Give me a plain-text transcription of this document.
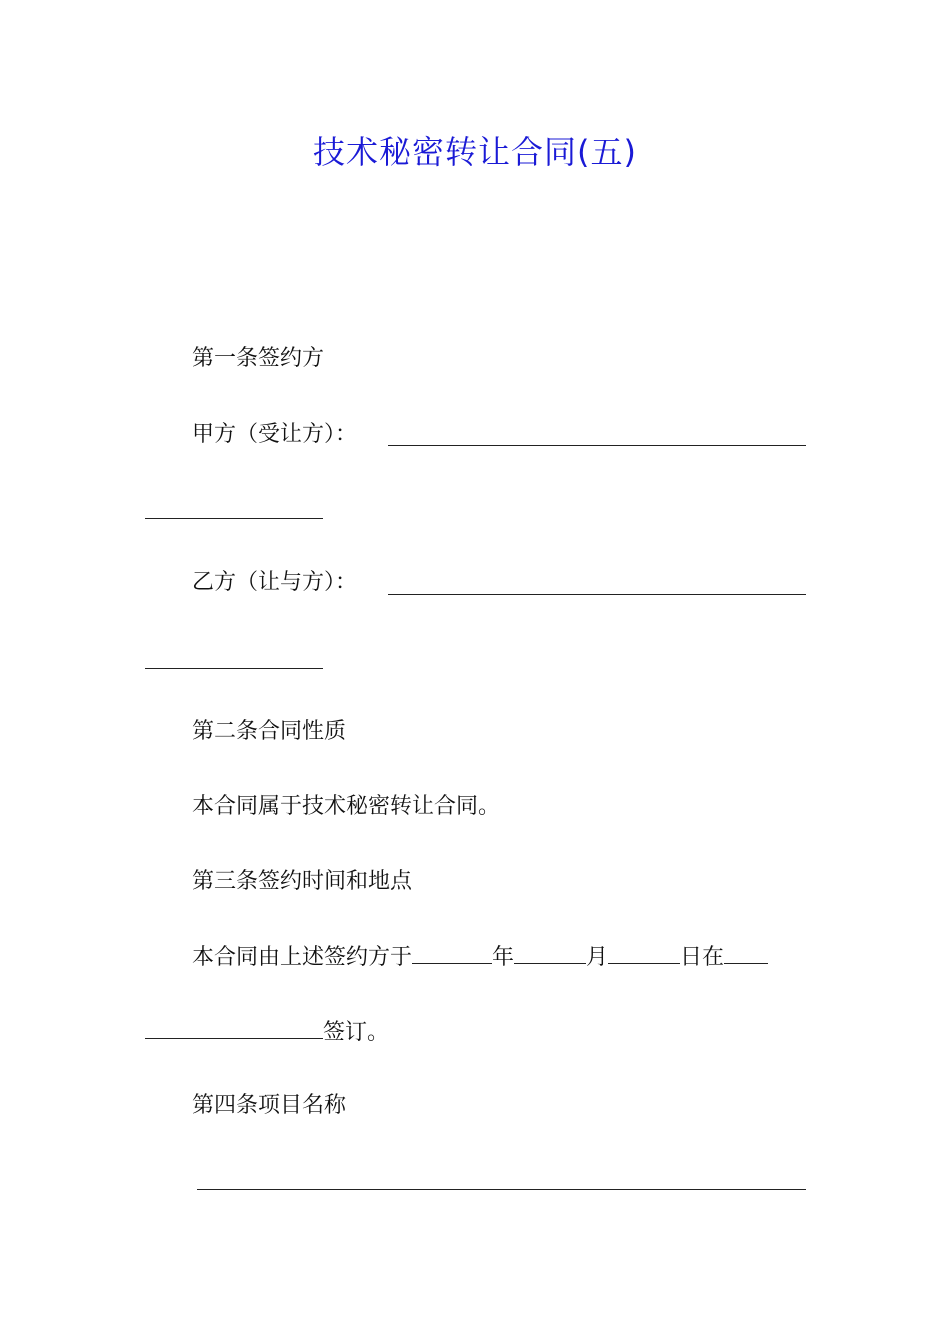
技术秘密转让合同(五)
第一条签约方
甲方（受让方）：
乙方（让与方）：
第二条合同性质
本合同属于技术秘密转让合同。
第三条签约时间和地点
本合同由上述签约方于	年	月	日在
签订。
第四条项目名称
